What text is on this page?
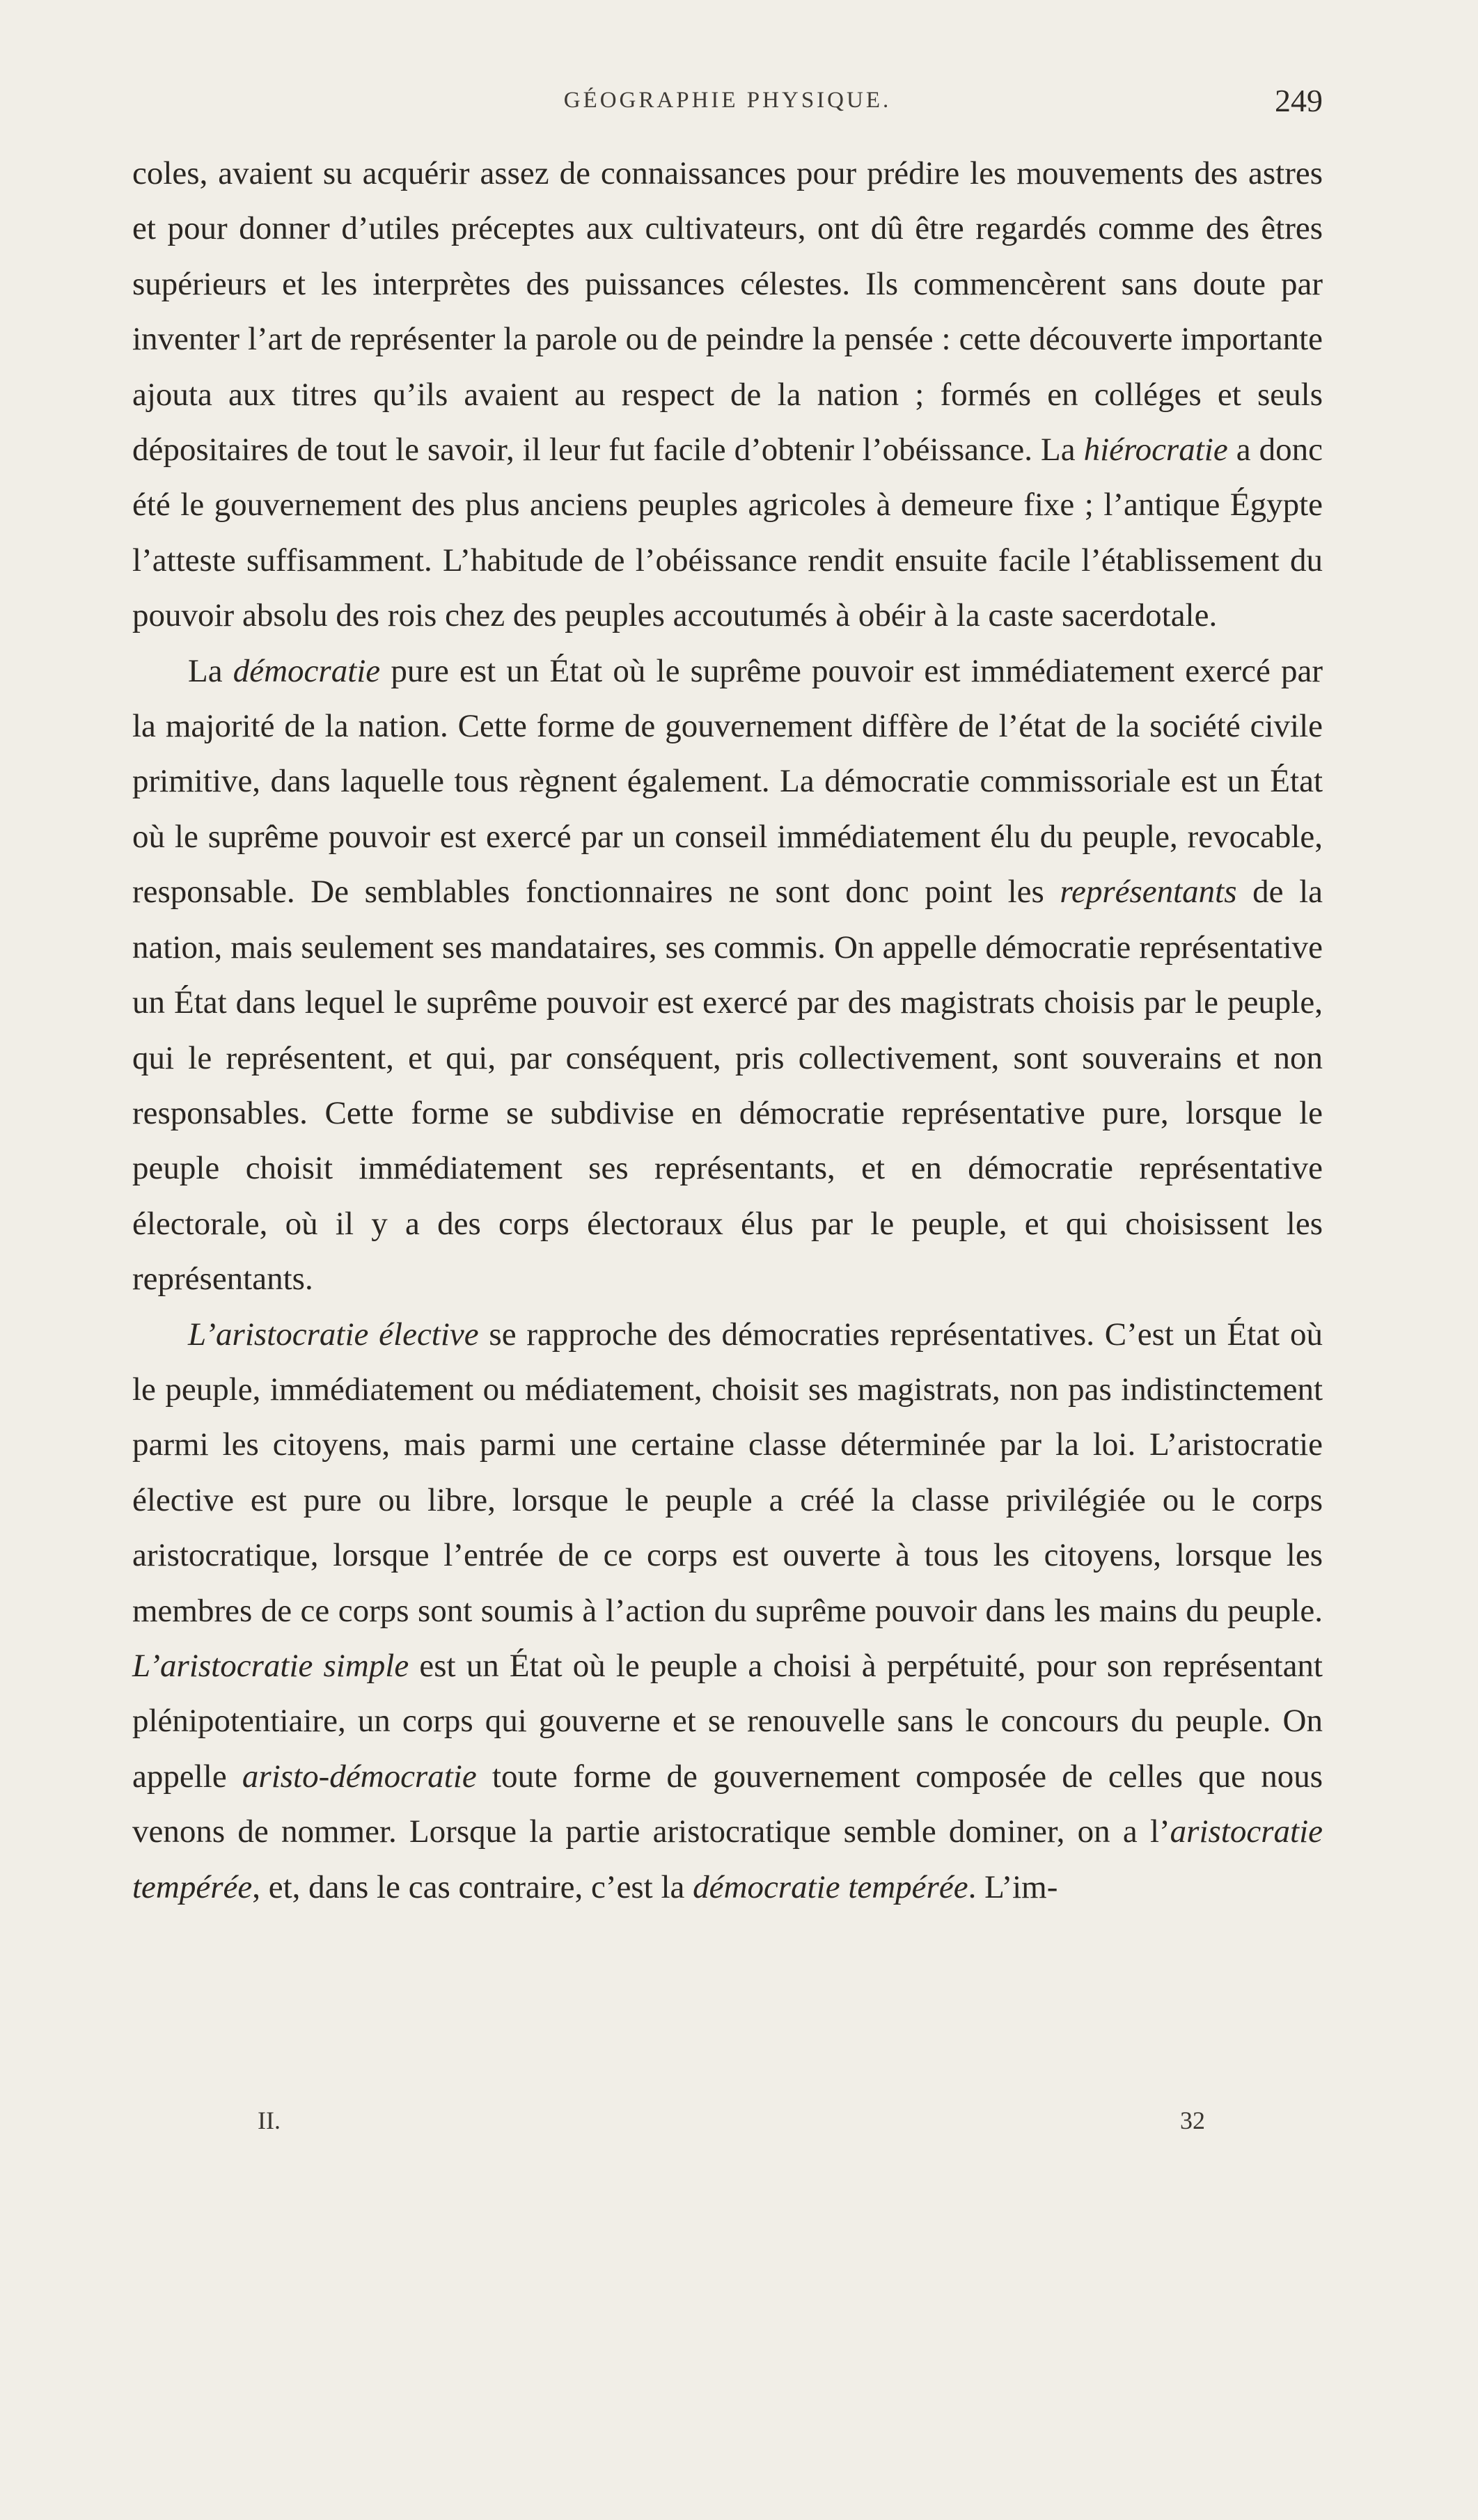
GÉOGRAPHIE PHYSIQUE.	249

coles, avaient su acquérir assez de connaissances pour prédire les mouvements des astres et pour donner d’utiles préceptes aux cultivateurs, ont dû être regardés comme des êtres supérieurs et les interprètes des puissances célestes. Ils commencèrent sans doute par inventer l’art de représenter la parole ou de peindre la pensée : cette découverte importante ajouta aux titres qu’ils avaient au respect de la nation ; formés en colléges et seuls dépositaires de tout le savoir, il leur fut facile d’obtenir l’obéissance. La hiérocratie a donc été le gouvernement des plus anciens peuples agricoles à demeure fixe ; l’antique Égypte l’atteste suffisamment. L’habitude de l’obéissance rendit ensuite facile l’établissement du pouvoir absolu des rois chez des peuples accoutumés à obéir à la caste sacerdotale.

La démocratie pure est un État où le suprême pouvoir est immédiatement exercé par la majorité de la nation. Cette forme de gouvernement diffère de l’état de la société civile primitive, dans laquelle tous règnent également. La démocratie commissoriale est un État où le suprême pouvoir est exercé par un conseil immédiatement élu du peuple, revocable, responsable. De semblables fonctionnaires ne sont donc point les représentants de la nation, mais seulement ses mandataires, ses commis. On appelle démocratie représentative un État dans lequel le suprême pouvoir est exercé par des magistrats choisis par le peuple, qui le représentent, et qui, par conséquent, pris collectivement, sont souverains et non responsables. Cette forme se subdivise en démocratie représentative pure, lorsque le peuple choisit immédiatement ses représentants, et en démocratie représentative électorale, où il y a des corps électoraux élus par le peuple, et qui choisissent les représentants.

L’aristocratie élective se rapproche des démocraties représentatives. C’est un État où le peuple, immédiatement ou médiatement, choisit ses magistrats, non pas indistinctement parmi les citoyens, mais parmi une certaine classe déterminée par la loi. L’aristocratie élective est pure ou libre, lorsque le peuple a créé la classe privilégiée ou le corps aristocratique, lorsque l’entrée de ce corps est ouverte à tous les citoyens, lorsque les membres de ce corps sont soumis à l’action du suprême pouvoir dans les mains du peuple. L’aristocratie simple est un État où le peuple a choisi à perpétuité, pour son représentant plénipotentiaire, un corps qui gouverne et se renouvelle sans le concours du peuple. On appelle aristo-démocratie toute forme de gouvernement composée de celles que nous venons de nommer. Lorsque la partie aristocratique semble dominer, on a l’aristocratie tempérée, et, dans le cas contraire, c’est la démocratie tempérée. L’im-

II.	32
